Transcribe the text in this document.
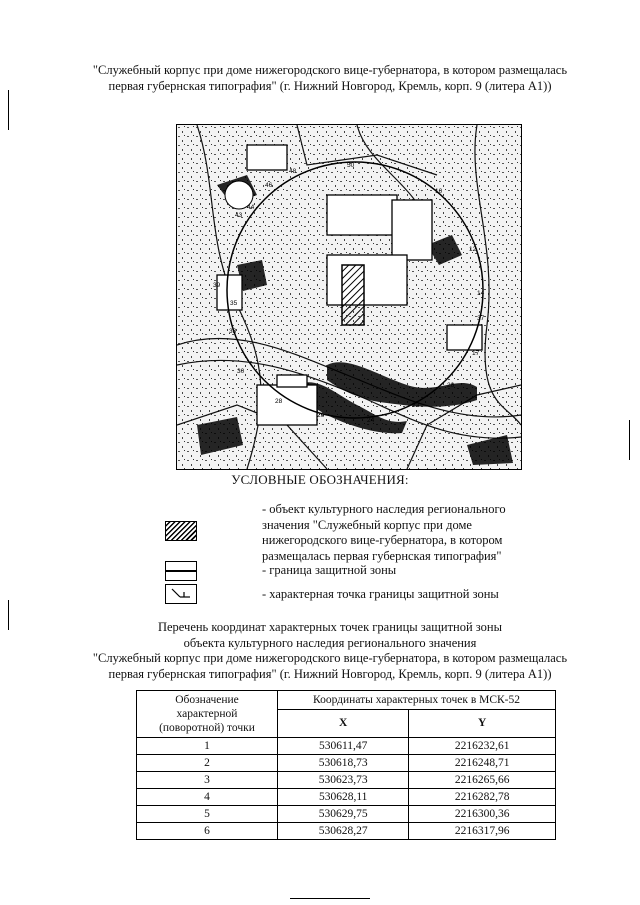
"Служебный корпус при доме нижегородского вице-губернатора, в котором размещалась
первая губернская типография" (г. Нижний Новгород, Кремль, корп. 9 (литера А1))
10
12
14
17
20
22
24
26
28
30
33
35
37
39
43
44
46
48
50
УСЛОВНЫЕ ОБОЗНАЧЕНИЯ:
- объект культурного наследия регионального
значения "Служебный корпус при доме
нижегородского вице-губернатора, в котором
размещалась первая губернская типография"
- граница защитной зоны
- характерная точка границы защитной зоны
Перечень координат характерных точек границы защитной зоны
объекта культурного наследия регионального значения
"Служебный корпус при доме нижегородского вице-губернатора, в котором размещалась
первая губернская типография" (г. Нижний Новгород, Кремль, корп. 9 (литера А1))
Обозначение
характерной
(поворотной) точки	Координаты характерных точек в МСК-52	
	X	Y
1	530611,47	2216232,61
2	530618,73	2216248,71
3	530623,73	2216265,66
4	530628,11	2216282,78
5	530629,75	2216300,36
6	530628,27	2216317,96
